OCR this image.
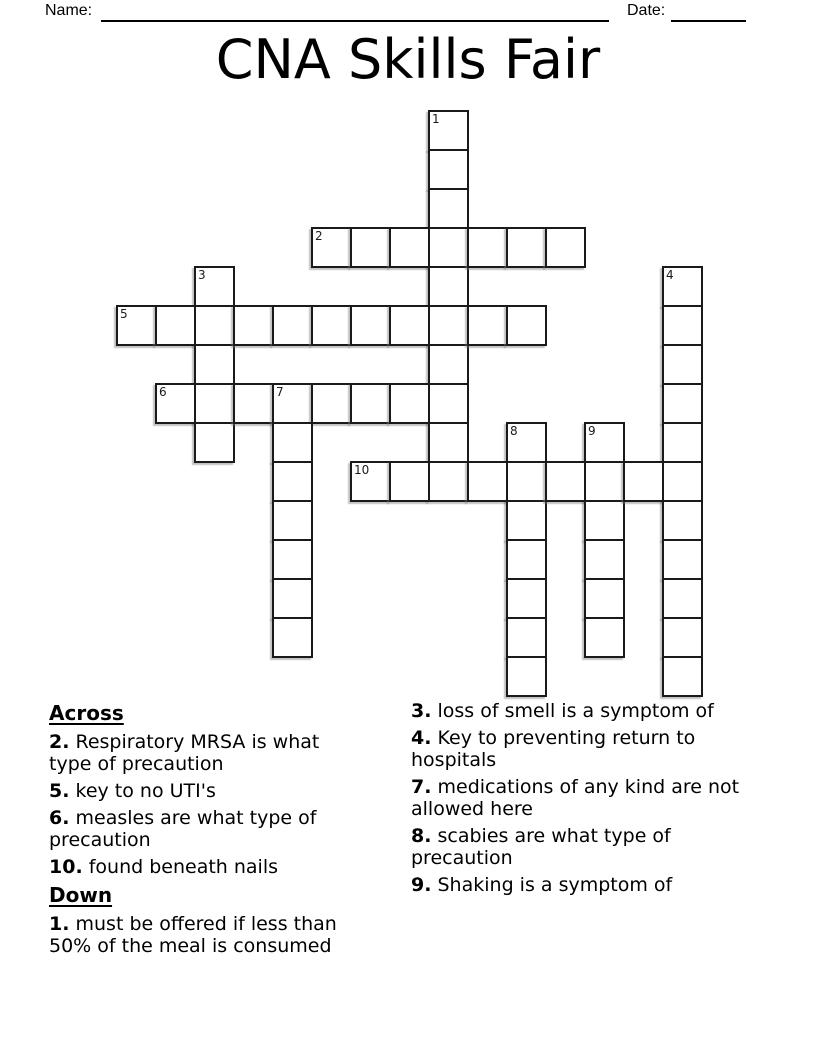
Name:	Date:
CNA Skills Fair
1
2
3	4
5
6	7
8	9
10
Across
2. Respiratory MRSA is what type of precaution
5. key to no UTI's
6. measles are what type of precaution
10. found beneath nails
Down
1. must be offered if less than 50% of the meal is consumed
3. loss of smell is a symptom of
4. Key to preventing return to hospitals
7. medications of any kind are not allowed here
8. scabies are what type of precaution
9. Shaking is a symptom of
